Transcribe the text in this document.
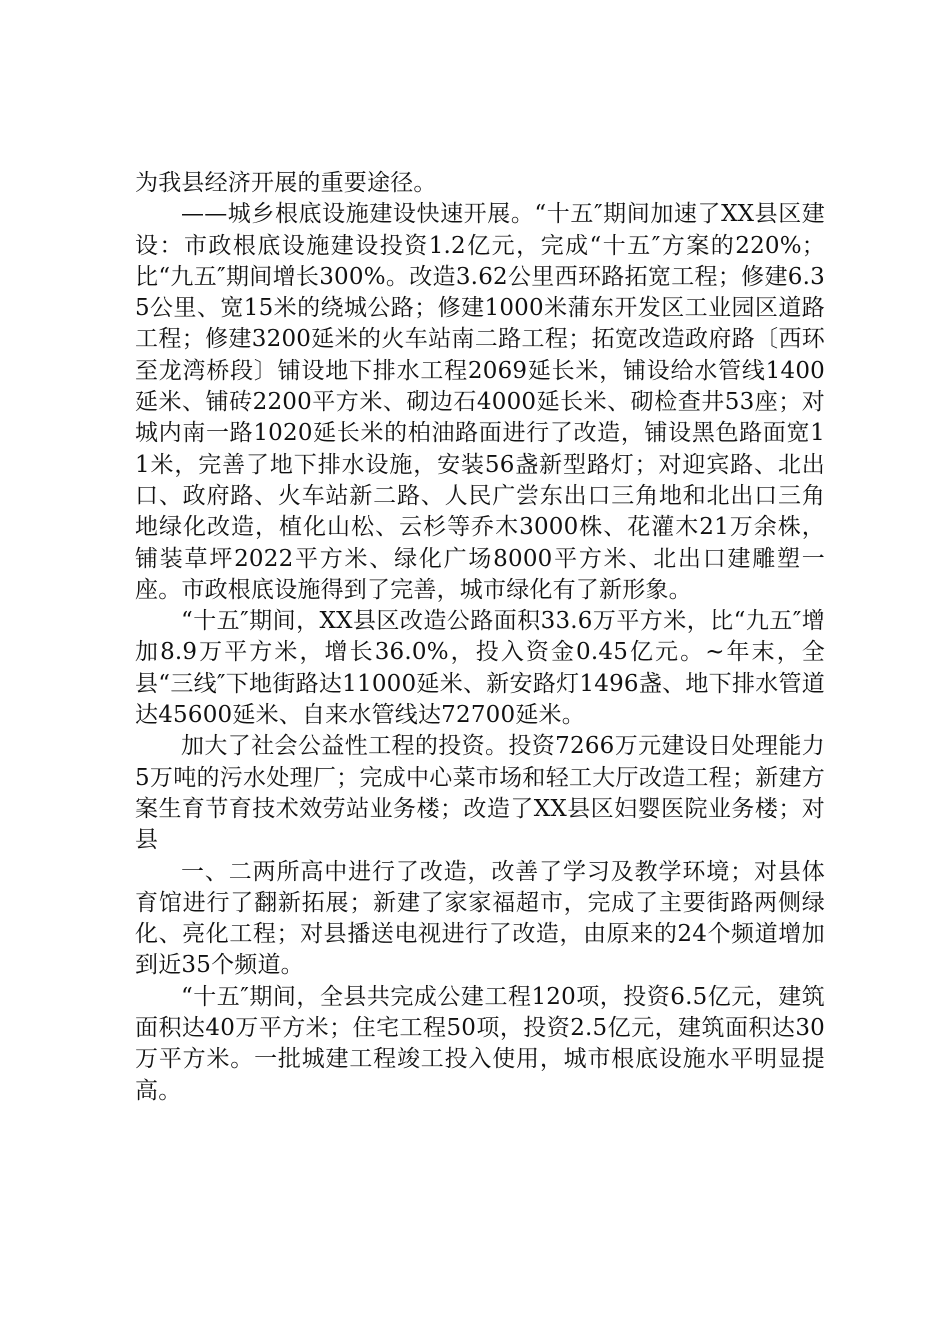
为我县经济开展的重要途径。

——城乡根底设施建设快速开展。“十五″期间加速了XX县区建设：市政根底设施建设投资1.2亿元，完成“十五″方案的220%；比“九五″期间增长300%。改造3.62公里西环路拓宽工程；修建6.35公里、宽15米的绕城公路；修建1000米蒲东开发区工业园区道路工程；修建3200延米的火车站南二路工程；拓宽改造政府路〔西环至龙湾桥段〕铺设地下排水工程2069延长米，铺设给水管线1400延米、铺砖2200平方米、砌边石4000延长米、砌检查井53座；对城内南一路1020延长米的柏油路面进行了改造，铺设黑色路面宽11米，完善了地下排水设施，安装56盏新型路灯；对迎宾路、北出口、政府路、火车站新二路、人民广尝东出口三角地和北出口三角地绿化改造，植化山松、云杉等乔木3000株、花灌木21万余株，铺装草坪2022平方米、绿化广场8000平方米、北出口建雕塑一座。市政根底设施得到了完善，城市绿化有了新形象。

“十五″期间，XX县区改造公路面积33.6万平方米，比“九五″增加8.9万平方米，增长36.0%，投入资金0.45亿元。~年末，全县“三线″下地街路达11000延米、新安路灯1496盏、地下排水管道达45600延米、自来水管线达72700延米。

加大了社会公益性工程的投资。投资7266万元建设日处理能力5万吨的污水处理厂；完成中心菜市场和轻工大厅改造工程；新建方案生育节育技术效劳站业务楼；改造了XX县区妇婴医院业务楼；对县

一、二两所高中进行了改造，改善了学习及教学环境；对县体育馆进行了翻新拓展；新建了家家福超市，完成了主要街路两侧绿化、亮化工程；对县播送电视进行了改造，由原来的24个频道增加到近35个频道。

“十五″期间，全县共完成公建工程120项，投资6.5亿元，建筑面积达40万平方米；住宅工程50项，投资2.5亿元，建筑面积达30万平方米。一批城建工程竣工投入使用，城市根底设施水平明显提高。
